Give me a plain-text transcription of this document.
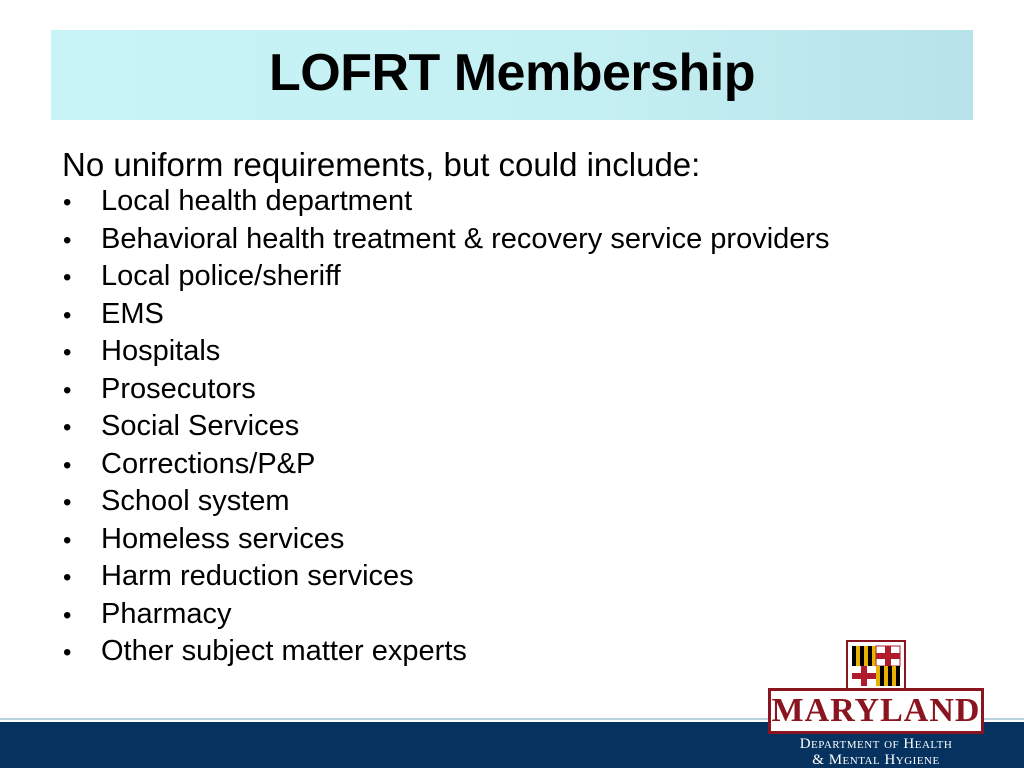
LOFRT Membership
No uniform requirements, but could include:
•	Local health department
•	Behavioral health treatment & recovery service providers
•	Local police/sheriff
•	EMS
•	Hospitals
•	Prosecutors
•	Social Services
•	Corrections/P&P
•	School system
•	Homeless services
•	Harm reduction services
•	Pharmacy
•	Other subject matter experts
MARYLAND
Department of Health
& Mental Hygiene
